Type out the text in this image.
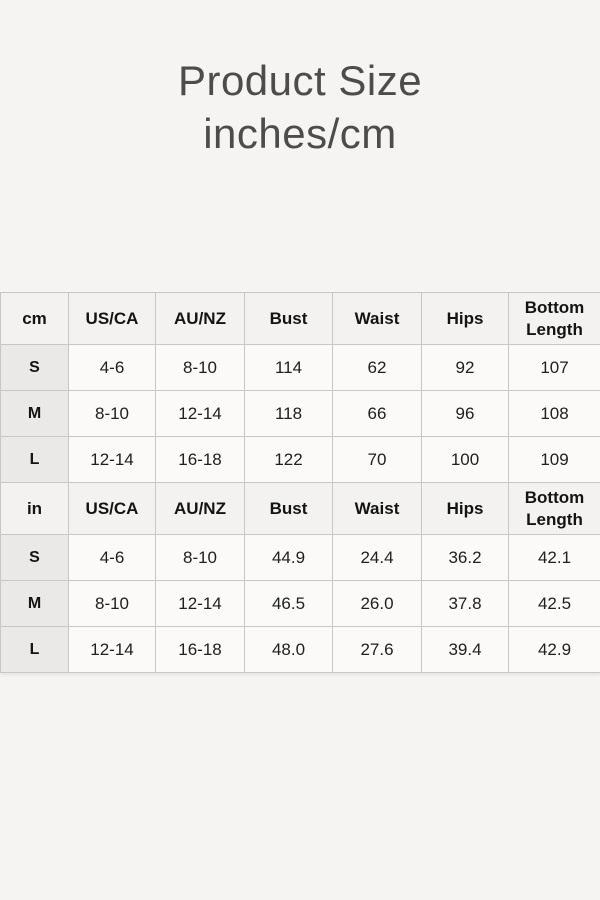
Product Size
inches/cm
cm	US/CA	AU/NZ	Bust	Waist	Hips	Bottom Length
S	4-6	8-10	114	62	92	107
M	8-10	12-14	118	66	96	108
L	12-14	16-18	122	70	100	109
in	US/CA	AU/NZ	Bust	Waist	Hips	Bottom Length
S	4-6	8-10	44.9	24.4	36.2	42.1
M	8-10	12-14	46.5	26.0	37.8	42.5
L	12-14	16-18	48.0	27.6	39.4	42.9
